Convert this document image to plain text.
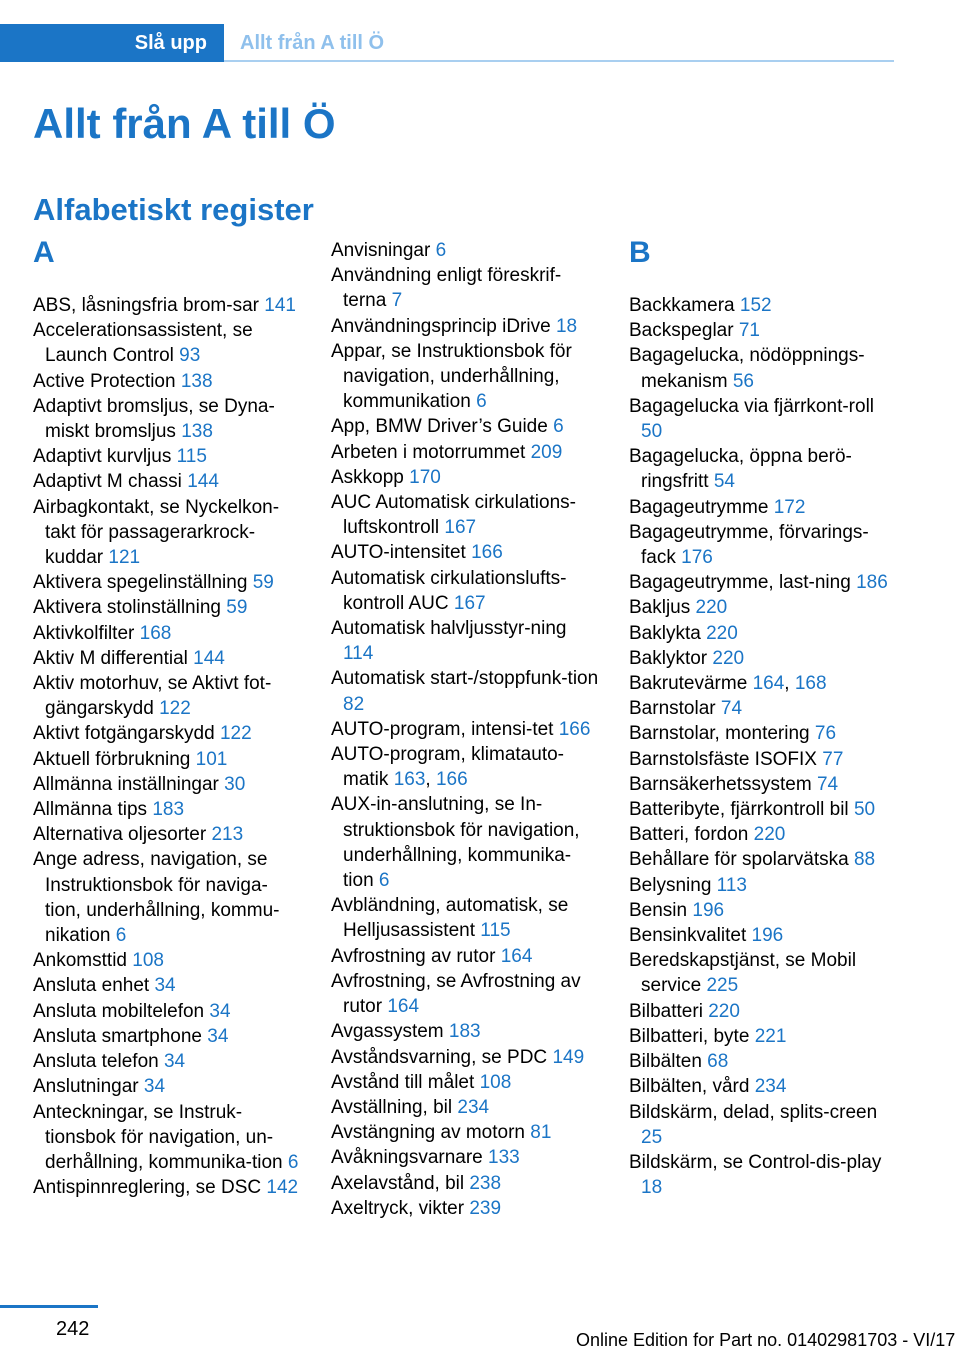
Slå upp	Allt från A till Ö
Allt från A till Ö
Alfabetiskt register
A
ABS, låsningsfria brom-sar 141
Accelerationsassistent, se Launch Control 93
Active Protection 138
Adaptivt bromsljus, se Dyna-miskt bromsljus 138
Adaptivt kurvljus 115
Adaptivt M chassi 144
Airbagkontakt, se Nyckelkon-takt för passagerarkrock-kuddar 121
Aktivera spegelinställning 59
Aktivera stolinställning 59
Aktivkolfilter 168
Aktiv M differential 144
Aktiv motorhuv, se Aktivt fot-gängarskydd 122
Aktivt fotgängarskydd 122
Aktuell förbrukning 101
Allmänna inställningar 30
Allmänna tips 183
Alternativa oljesorter 213
Ange adress, navigation, se Instruktionsbok för naviga-tion, underhållning, kommu-nikation 6
Ankomsttid 108
Ansluta enhet 34
Ansluta mobiltelefon 34
Ansluta smartphone 34
Ansluta telefon 34
Anslutningar 34
Anteckningar, se Instruk-tionsbok för navigation, un-derhållning, kommunika-tion 6
Antispinnreglering, se DSC 142
Anvisningar 6
Användning enligt föreskrif-terna 7
Användningsprincip iDrive 18
Appar, se Instruktionsbok för navigation, underhållning, kommunikation 6
App, BMW Driver’s Guide 6
Arbeten i motorrummet 209
Askkopp 170
AUC Automatisk cirkulations-luftskontroll 167
AUTO-intensitet 166
Automatisk cirkulationslufts-kontroll AUC 167
Automatisk halvljusstyr-ning 114
Automatisk start-/stoppfunk-tion 82
AUTO-program, intensi-tet 166
AUTO-program, klimatauto-matik 163, 166
AUX-in-anslutning, se In-struktionsbok för navigation, underhållning, kommunika-tion 6
Avbländning, automatisk, se Helljusassistent 115
Avfrostning av rutor 164
Avfrostning, se Avfrostning av rutor 164
Avgassystem 183
Avståndsvarning, se PDC 149
Avstånd till målet 108
Avställning, bil 234
Avstängning av motorn 81
Avåkningsvarnare 133
Axelavstånd, bil 238
Axeltryck, vikter 239
B
Backkamera 152
Backspeglar 71
Bagagelucka, nödöppnings-mekanism 56
Bagagelucka via fjärrkont-roll 50
Bagagelucka, öppna berö-ringsfritt 54
Bagageutrymme 172
Bagageutrymme, förvarings-fack 176
Bagageutrymme, last-ning 186
Bakljus 220
Baklykta 220
Baklyktor 220
Bakrutevärme 164, 168
Barnstolar 74
Barnstolar, montering 76
Barnstolsfäste ISOFIX 77
Barnsäkerhetssystem 74
Batteribyte, fjärrkontroll bil 50
Batteri, fordon 220
Behållare för spolarvätska 88
Belysning 113
Bensin 196
Bensinkvalitet 196
Beredskapstjänst, se Mobil service 225
Bilbatteri 220
Bilbatteri, byte 221
Bilbälten 68
Bilbälten, vård 234
Bildskärm, delad, splits-creen 25
Bildskärm, se Control-dis-play 18
242	Online Edition for Part no. 01402981703 - VI/17
